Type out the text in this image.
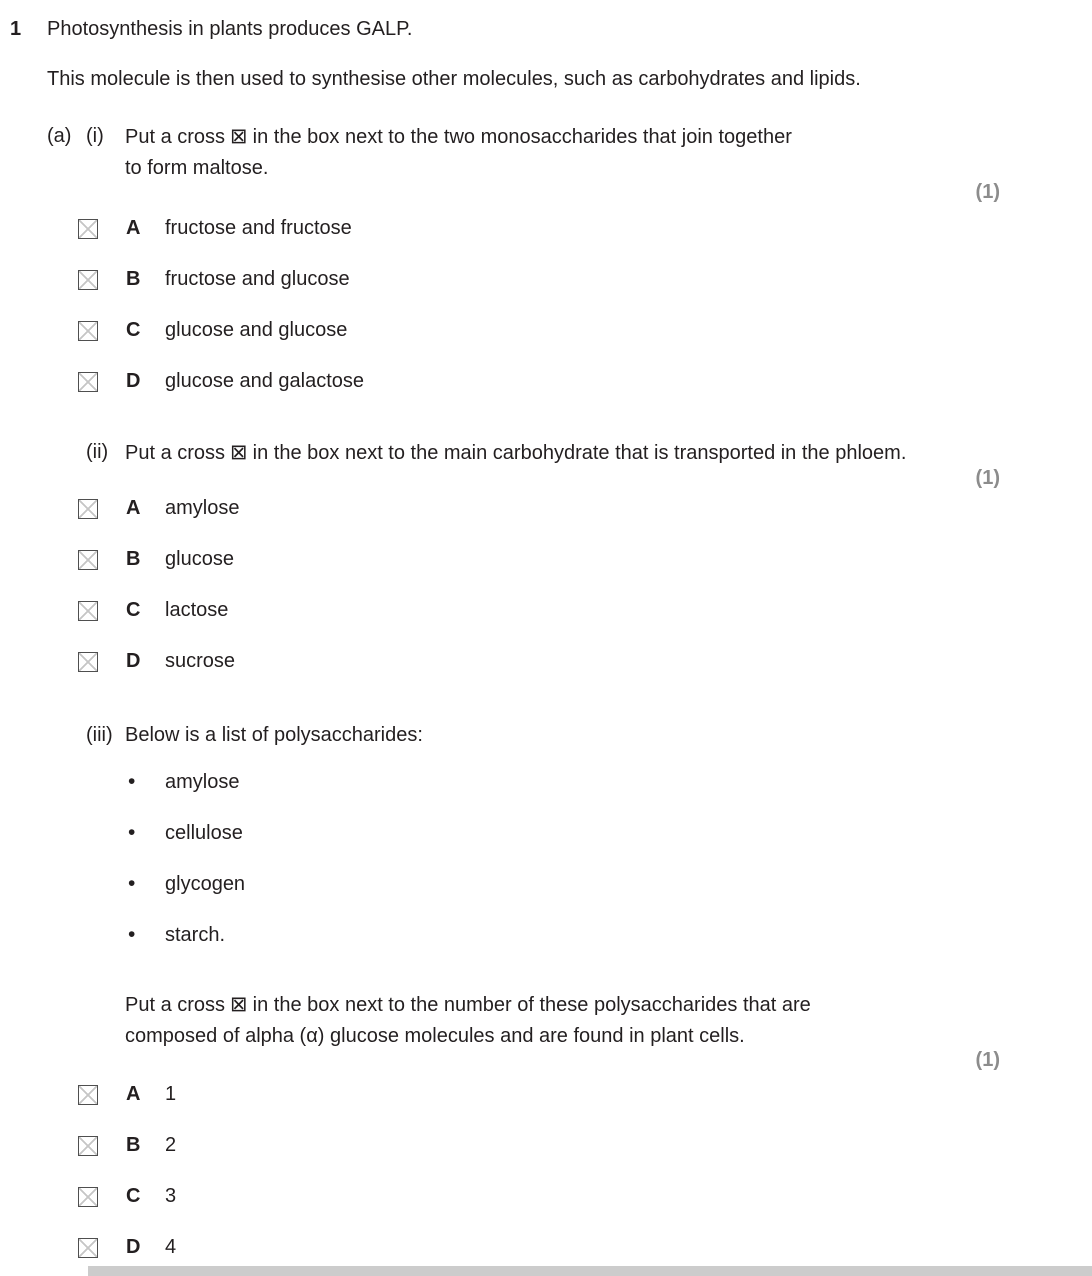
1 Photosynthesis in plants produces GALP.
This molecule is then used to synthesise other molecules, such as carbohydrates and lipids.
(a) (i)	Put a cross ⊠ in the box next to the two monosaccharides that join together
to form maltose.
(1)
A	fructose and fructose
B	fructose and glucose
C	glucose and glucose
D	glucose and galactose
(ii) Put a cross ⊠ in the box next to the main carbohydrate that is transported in the phloem.
(1)
A	amylose
B	glucose
C	lactose
D	sucrose
(iii) Below is a list of polysaccharides:
•	amylose
•	cellulose
•	glycogen
•	starch.
Put a cross ⊠ in the box next to the number of these polysaccharides that are
composed of alpha (α) glucose molecules and are found in plant cells.
(1)
A	1
B	2
C	3
D	4
